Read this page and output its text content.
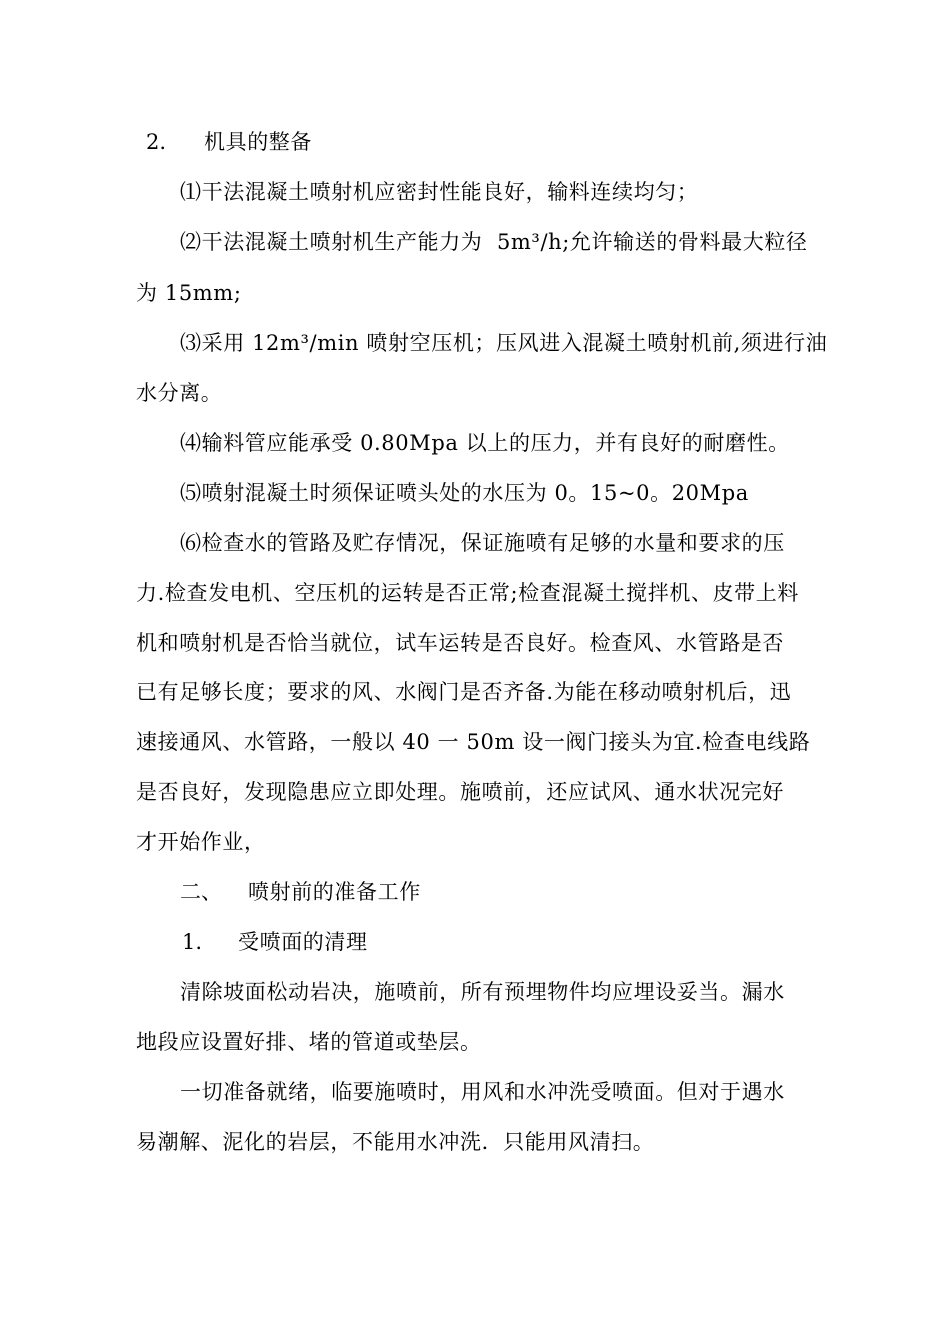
2. 机具的整备
⑴干法混凝土喷射机应密封性能良好，输料连续均匀；
⑵干法混凝土喷射机生产能力为  5m³/h;允许输送的骨料最大粒径
为 15mm;
⑶采用 12m³/min 喷射空压机；压风进入混凝土喷射机前,须进行油
水分离。
⑷输料管应能承受 0.80Mpa 以上的压力，并有良好的耐磨性。
⑸喷射混凝土时须保证喷头处的水压为 0。15~0。20Mpa
⑹检查水的管路及贮存情况，保证施喷有足够的水量和要求的压
力.检查发电机、空压机的运转是否正常;检查混凝土搅拌机、皮带上料
机和喷射机是否恰当就位，试车运转是否良好。检查风、水管路是否
已有足够长度；要求的风、水阀门是否齐备.为能在移动喷射机后，迅
速接通风、水管路，一般以 40 一 50m 设一阀门接头为宜.检查电线路
是否良好，发现隐患应立即处理。施喷前，还应试风、通水状况完好
才开始作业，
二、 喷射前的准备工作
1. 受喷面的清理
清除坡面松动岩决，施喷前，所有预埋物件均应埋设妥当。漏水
地段应设置好排、堵的管道或垫层。
一切准备就绪，临要施喷时，用风和水冲洗受喷面。但对于遇水
易潮解、泥化的岩层，不能用水冲洗．只能用风清扫。
